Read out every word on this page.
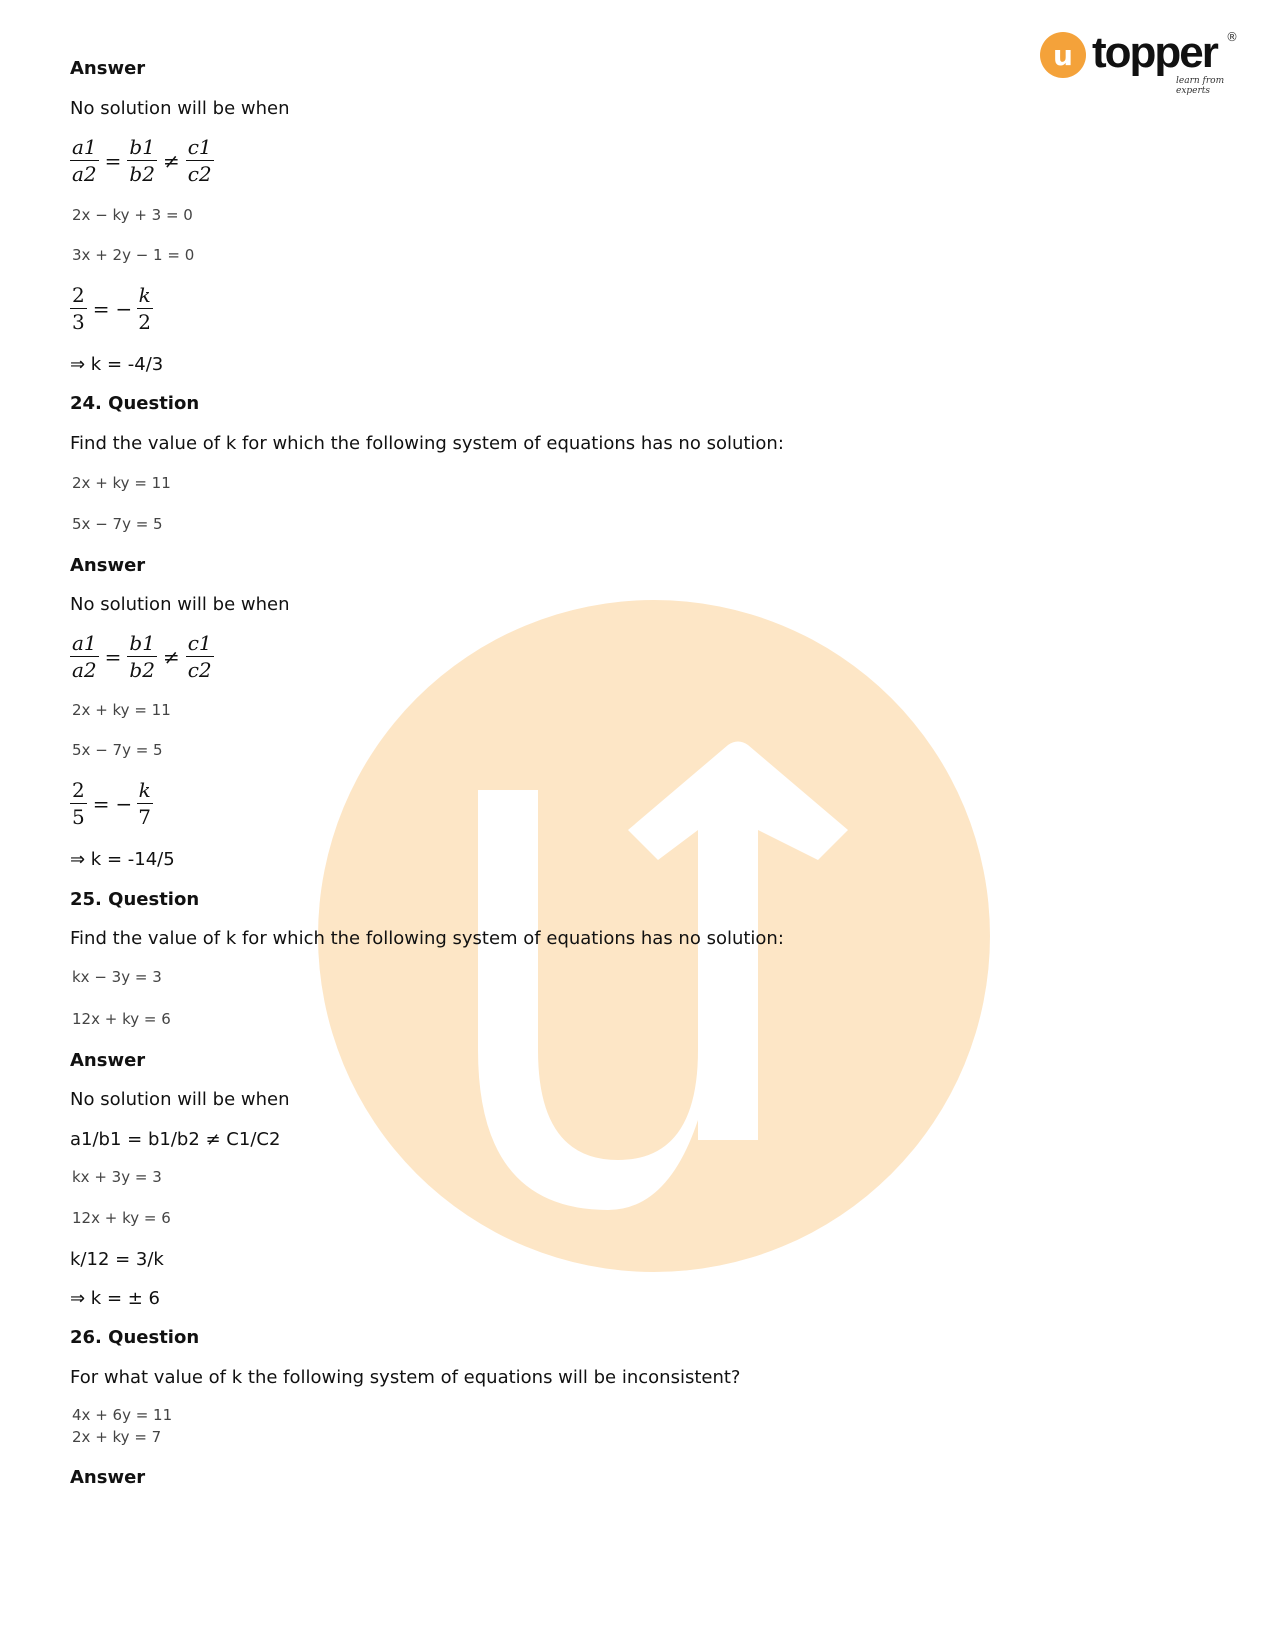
u topper ®
learn from experts
Answer
No solution will be when
$\frac{a1}{a2} = \frac{b1}{b2} \ne \frac{c1}{c2}$
2x − ky + 3 = 0
3x + 2y − 1 = 0
$\frac{2}{3}$ = − $\frac{k}{2}$
⇒ k = -4/3
24. Question
Find the value of k for which the following system of equations has no solution:
2x + ky = 11
5x − 7y = 5
Answer
No solution will be when
$\frac{a1}{a2} = \frac{b1}{b2} \ne \frac{c1}{c2}$
2x + ky = 11
5x − 7y = 5
$\frac{2}{5}$ = − $\frac{k}{7}$
⇒ k = -14/5
25. Question
Find the value of k for which the following system of equations has no solution:
kx − 3y = 3
12x + ky = 6
Answer
No solution will be when
a1/b1 = b1/b2 ≠ C1/C2
kx + 3y = 3
12x + ky = 6
k/12 = 3/k
⇒ k = ± 6
26. Question
For what value of k the following system of equations will be inconsistent?
4x + 6y = 11
2x + ky = 7
Answer
